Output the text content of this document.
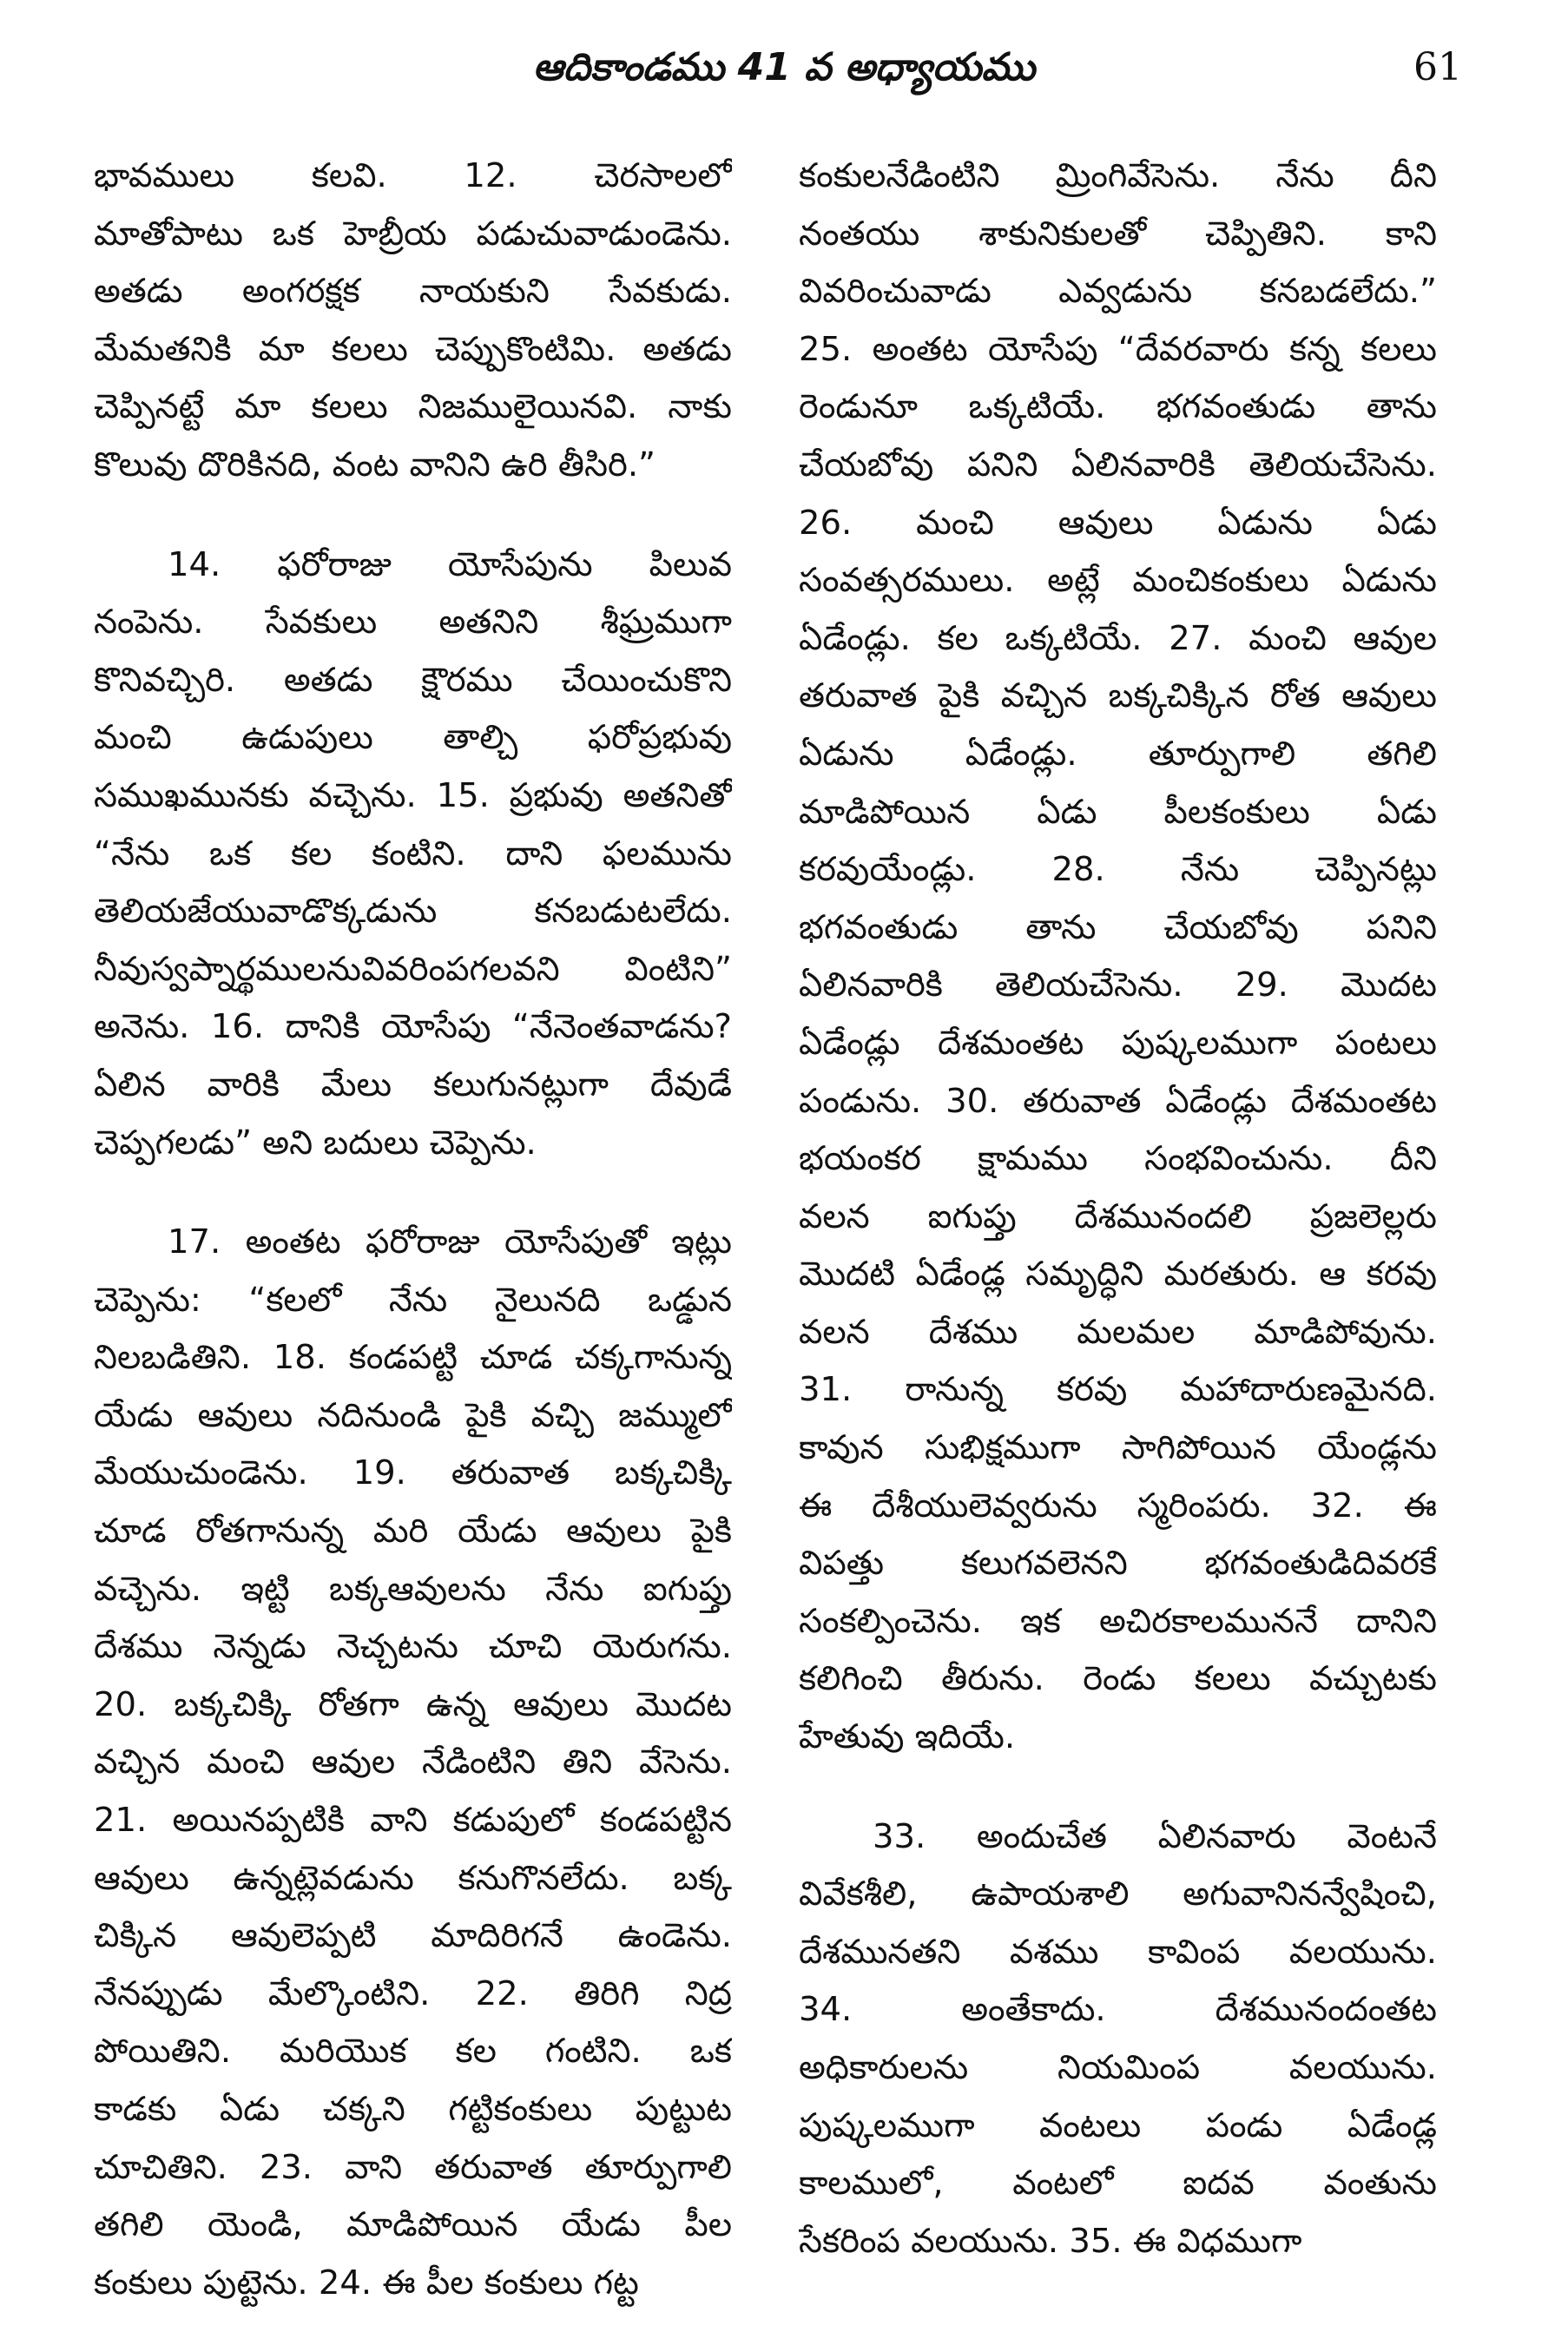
ఆదికాండము 41 వ అధ్యాయము	61
భావములు కలవి. 12. చెరసాలలో
మాతోపాటు ఒక హెబ్రీయ పడుచువాడుండెను.
అతడు అంగరక్షక నాయకుని సేవకుడు.
మేమతనికి మా కలలు చెప్పుకొంటిమి. అతడు
చెప్పినట్టే మా కలలు నిజములైయినవి. నాకు
కొలువు దొరికినది, వంట వానిని ఉరి తీసిరి.”
14. ఫరోరాజు యోసేపును పిలువ
నంపెను. సేవకులు అతనిని శీఘ్రముగా
కొనివచ్చిరి. అతడు క్షౌరము చేయించుకొని
మంచి ఉడుపులు తాల్చి ఫరోప్రభువు
సముఖమునకు వచ్చెను. 15. ప్రభువు అతనితో
“నేను ఒక కల కంటిని. దాని ఫలమును
తెలియజేయువాడొక్కడును కనబడుటలేదు.
నీవుస్వప్నార్థములనువివరింపగలవని వింటిని”
అనెను. 16. దానికి యోసేపు “నేనెంతవాడను?
ఏలిన వారికి మేలు కలుగునట్లుగా దేవుడే
చెప్పగలడు” అని బదులు చెప్పెను.
17. అంతట ఫరోరాజు యోసేపుతో ఇట్లు
చెప్పెను: “కలలో నేను నైలునది ఒడ్డున
నిలబడితిని. 18. కండపట్టి చూడ చక్కగానున్న
యేడు ఆవులు నదినుండి పైకి వచ్చి జమ్ములో
మేయుచుండెను. 19. తరువాత బక్కచిక్కి
చూడ రోతగానున్న మరి యేడు ఆవులు పైకి
వచ్చెను. ఇట్టి బక్కఆవులను నేను ఐగుప్తు
దేశము నెన్నడు నెచ్చటను చూచి యెరుగను.
20. బక్కచిక్కి రోతగా ఉన్న ఆవులు మొదట
వచ్చిన మంచి ఆవుల నేడింటిని తిని వేసెను.
21. అయినప్పటికి వాని కడుపులో కండపట్టిన
ఆవులు ఉన్నట్లెవడును కనుగొనలేదు. బక్క
చిక్కిన ఆవులెప్పటి మాదిరిగనే ఉండెను.
నేనప్పుడు మేల్కొంటిని. 22. తిరిగి నిద్ర
పోయితిని. మరియొక కల గంటిని. ఒక
కాడకు ఏడు చక్కని గట్టికంకులు పుట్టుట
చూచితిని. 23. వాని తరువాత తూర్పుగాలి
తగిలి యెండి, మాడిపోయిన యేడు పీల
కంకులు పుట్టెను. 24. ఈ పీల కంకులు గట్ట
కంకులనేడింటిని మ్రింగివేసెను. నేను దీని
నంతయు శాకునికులతో చెప్పితిని. కాని
వివరించువాడు ఎవ్వడును కనబడలేదు.”
25. అంతట యోసేపు “దేవరవారు కన్న కలలు
రెండునూ ఒక్కటియే. భగవంతుడు తాను
చేయబోవు పనిని ఏలినవారికి తెలియచేసెను.
26. మంచి ఆవులు ఏడును ఏడు
సంవత్సరములు. అట్లే మంచికంకులు ఏడును
ఏడేండ్లు. కల ఒక్కటియే. 27. మంచి ఆవుల
తరువాత పైకి వచ్చిన బక్కచిక్కిన రోత ఆవులు
ఏడును ఏడేండ్లు. తూర్పుగాలి తగిలి
మాడిపోయిన ఏడు పీలకంకులు ఏడు
కరవుయేండ్లు. 28. నేను చెప్పినట్లు
భగవంతుడు తాను చేయబోవు పనిని
ఏలినవారికి తెలియచేసెను. 29. మొదట
ఏడేండ్లు దేశమంతట పుష్కలముగా పంటలు
పండును. 30. తరువాత ఏడేండ్లు దేశమంతట
భయంకర క్షామము సంభవించును. దీని
వలన ఐగుప్తు దేశమునందలి ప్రజలెల్లరు
మొదటి ఏడేండ్ల సమృద్ధిని మరతురు. ఆ కరవు
వలన దేశము మలమల మాడిపోవును.
31. రానున్న కరవు మహాదారుణమైనది.
కావున సుభిక్షముగా సాగిపోయిన యేండ్లను
ఈ దేశీయులెవ్వరును స్మరింపరు. 32. ఈ
విపత్తు కలుగవలెనని భగవంతుడిదివరకే
సంకల్పించెను. ఇక అచిరకాలముననే దానిని
కలిగించి తీరును. రెండు కలలు వచ్చుటకు
హేతువు ఇదియే.
33. అందుచేత ఏలినవారు వెంటనే
వివేకశీలి, ఉపాయశాలి అగువానినన్వేషించి,
దేశమునతని వశము కావింప వలయును.
34. అంతేకాదు. దేశమునందంతట
అధికారులను నియమింప వలయును.
పుష్కలముగా వంటలు పండు ఏడేండ్ల
కాలములో, వంటలో ఐదవ వంతును
సేకరింప వలయును. 35. ఈ విధముగా
